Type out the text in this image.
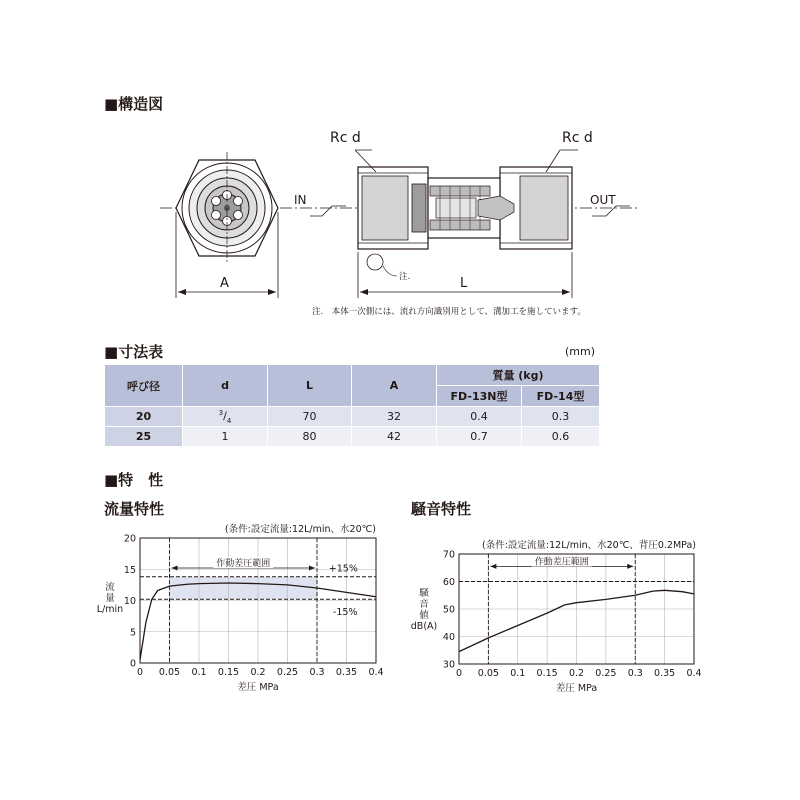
■構造図
Rc d	Rc d
IN	OUT
A	L
注.
注.　本体一次側には、流れ方向識別用として、溝加工を施しています。
■寸法表	(mm)
呼び径	d	L	A	質量 (kg)	
				FD-13N型	FD-14型
20	$^3/_4$	70	32	0.4	0.3
25	1	80	42	0.7	0.6
■特　性
流量特性	騒音特性
0 0.05 0.1 0.15 0.2 0.25 0.3 0.35 0.4
0
5
10
15
20
+15%
-15%
作動差圧範囲
(条件:設定流量:12L/min、水20℃)
差圧 MPa
流
量
L/min
0 0.05 0.1 0.15 0.2 0.25 0.3 0.35 0.4
30
40
50
60
70
作動差圧範囲
(条件:設定流量:12L/min、水20℃、背圧0.2MPa)
差圧 MPa
騒
音
値
dB(A)
